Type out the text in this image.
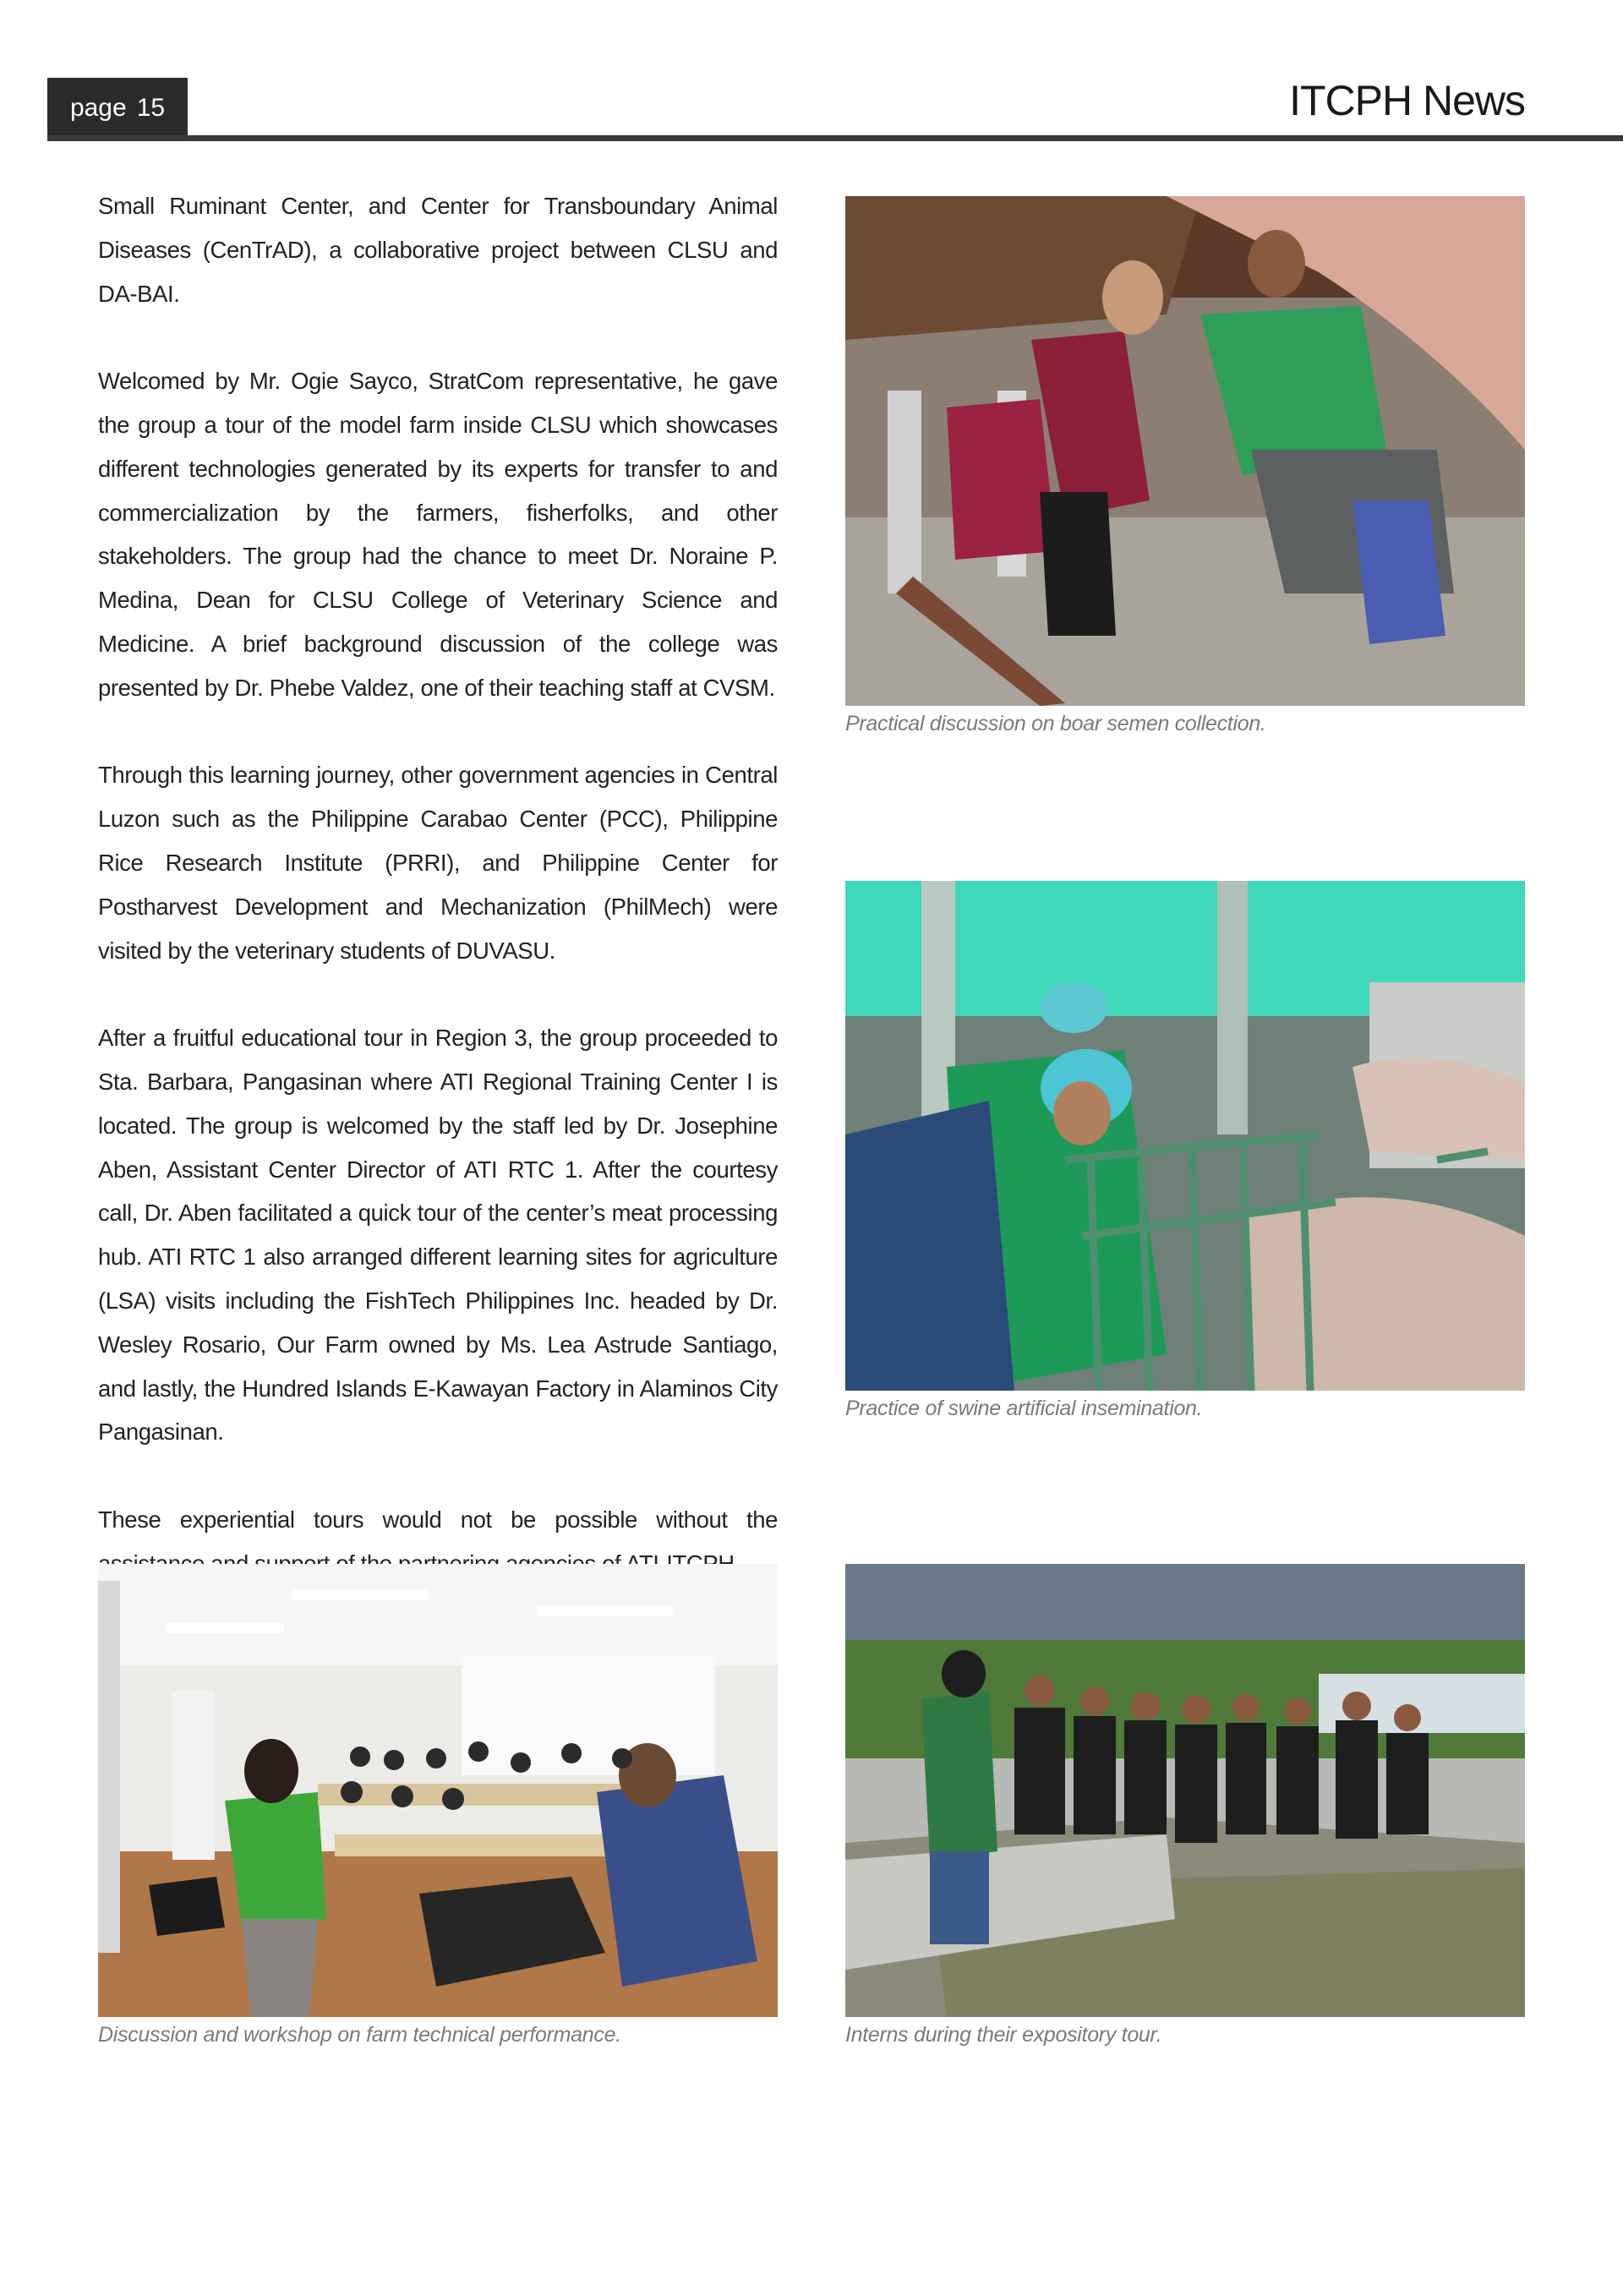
page 15	ITCPH News

Small Ruminant Center, and Center for Transboundary Animal Diseases (CenTrAD), a collaborative project between CLSU and DA-BAI.

Welcomed by Mr. Ogie Sayco, StratCom representative, he gave the group a tour of the model farm inside CLSU which showcases different technologies generated by its experts for transfer to and commercialization by the farmers, fisherfolks, and other stakeholders. The group had the chance to meet Dr. Noraine P. Medina, Dean for CLSU College of Veterinary Science and Medicine. A brief background discussion of the college was presented by Dr. Phebe Valdez, one of their teaching staff at CVSM.

Through this learning journey, other government agencies in Central Luzon such as the Philippine Carabao Center (PCC), Philippine Rice Research Institute (PRRI), and Philippine Center for Postharvest Development and Mechanization (PhilMech) were visited by the veterinary students of DUVASU.

After a fruitful educational tour in Region 3, the group proceeded to Sta. Barbara, Pangasinan where ATI Regional Training Center I is located. The group is welcomed by the staff led by Dr. Josephine Aben, Assistant Center Director of ATI RTC 1. After the courtesy call, Dr. Aben facilitated a quick tour of the center’s meat processing hub. ATI RTC 1 also arranged different learning sites for agriculture (LSA) visits including the FishTech Philippines Inc. headed by Dr. Wesley Rosario, Our Farm owned by Ms. Lea Astrude Santiago, and lastly, the Hundred Islands E-Kawayan Factory in Alaminos City Pangasinan.

These experiential tours would not be possible without the

Practical discussion on boar semen collection.
Practice of swine artificial insemination.
Discussion and workshop on farm technical performance.	Interns during their expository tour.
